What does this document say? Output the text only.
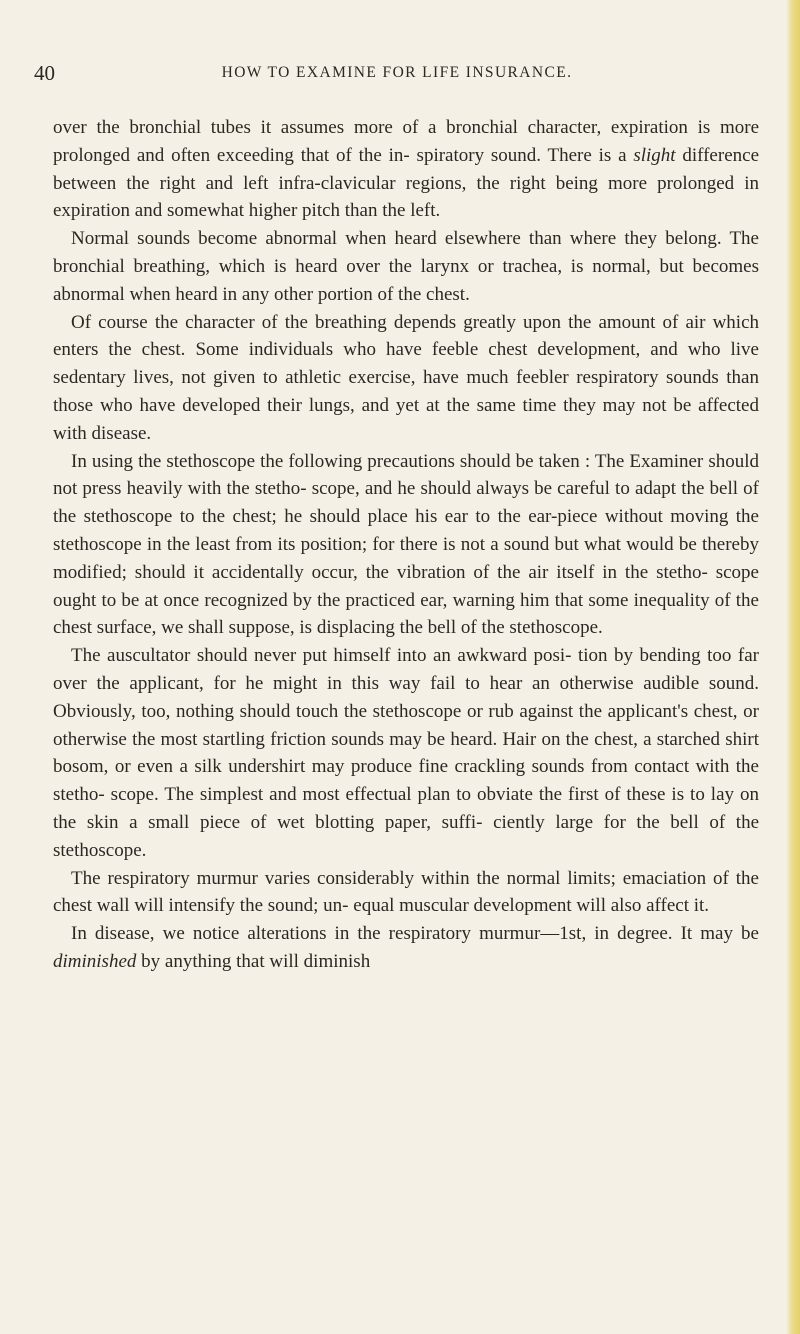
40	HOW TO EXAMINE FOR LIFE INSURANCE.

over the bronchial tubes it assumes more of a bronchial character, expiration is more prolonged and often exceeding that of the in- spiratory sound. There is a slight difference between the right and left infra-clavicular regions, the right being more prolonged in expiration and somewhat higher pitch than the left.

Normal sounds become abnormal when heard elsewhere than where they belong. The bronchial breathing, which is heard over the larynx or trachea, is normal, but becomes abnormal when heard in any other portion of the chest.

Of course the character of the breathing depends greatly upon the amount of air which enters the chest. Some individuals who have feeble chest development, and who live sedentary lives, not given to athletic exercise, have much feebler respiratory sounds than those who have developed their lungs, and yet at the same time they may not be affected with disease.

In using the stethoscope the following precautions should be taken : The Examiner should not press heavily with the stetho- scope, and he should always be careful to adapt the bell of the stethoscope to the chest; he should place his ear to the ear-piece without moving the stethoscope in the least from its position; for there is not a sound but what would be thereby modified; should it accidentally occur, the vibration of the air itself in the stetho- scope ought to be at once recognized by the practiced ear, warning him that some inequality of the chest surface, we shall suppose, is displacing the bell of the stethoscope.

The auscultator should never put himself into an awkward posi- tion by bending too far over the applicant, for he might in this way fail to hear an otherwise audible sound. Obviously, too, nothing should touch the stethoscope or rub against the applicant's chest, or otherwise the most startling friction sounds may be heard. Hair on the chest, a starched shirt bosom, or even a silk undershirt may produce fine crackling sounds from contact with the stetho- scope. The simplest and most effectual plan to obviate the first of these is to lay on the skin a small piece of wet blotting paper, suffi- ciently large for the bell of the stethoscope.

The respiratory murmur varies considerably within the normal limits; emaciation of the chest wall will intensify the sound; un- equal muscular development will also affect it.

In disease, we notice alterations in the respiratory murmur—1st, in degree. It may be diminished by anything that will diminish
